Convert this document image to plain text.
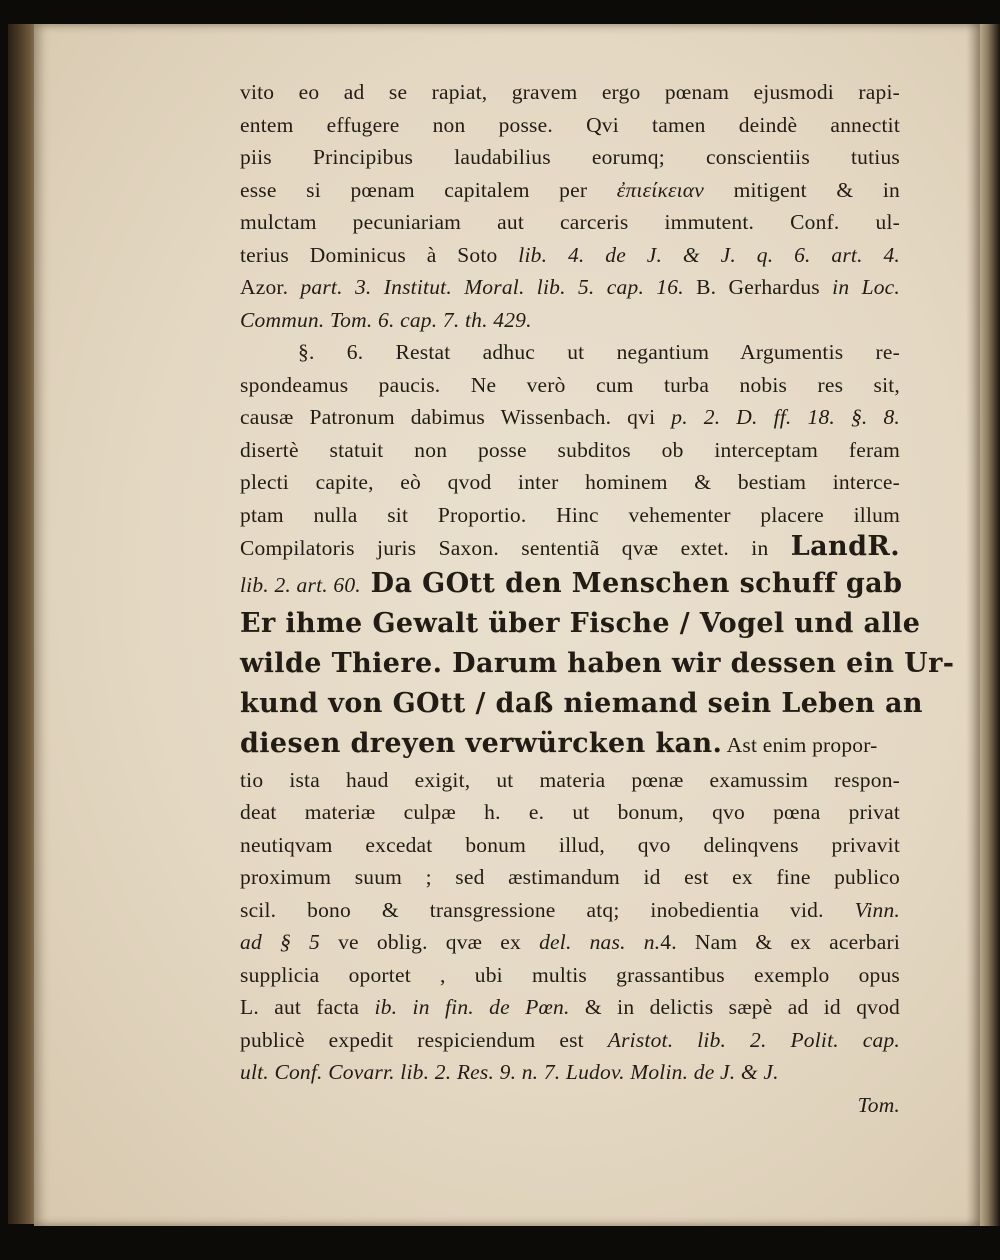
vito eo ad se rapiat, gravem ergo pœnam ejusmodi rapi-
entem effugere non posse. Qvi tamen deindè annectit
piis Principibus laudabilius eorumq; conscientiis tutius
esse si pœnam capitalem per ἐπιείκειαν mitigent & in
mulctam pecuniariam aut carceris immutent. Conf. ul-
terius Dominicus à Soto lib. 4. de J. & J. q. 6. art. 4.
Azor. part. 3. Institut. Moral. lib. 5. cap. 16. B. Gerhardus in Loc.
Commun. Tom. 6. cap. 7. th. 429.
§. 6. Restat adhuc ut negantium Argumentis re-
spondeamus paucis. Ne verò cum turba nobis res sit,
causæ Patronum dabimus Wissenbach. qvi p. 2. D. ff. 18. §. 8.
disertè statuit non posse subditos ob interceptam feram
plecti capite, eò qvod inter hominem & bestiam interce-
ptam nulla sit Proportio. Hinc vehementer placere illum
Compilatoris juris Saxon. sententiã qvæ extet. in LandR.
lib. 2. art. 60. Da GOtt den Menschen schuff gab
Er ihme Gewalt über Fische / Vogel und alle
wilde Thiere. Darum haben wir dessen ein Ur-
kund von GOtt / daß niemand sein Leben an
diesen dreyen verwürcken kan. Ast enim propor-
tio ista haud exigit, ut materia pœnæ examussim respon-
deat materiæ culpæ h. e. ut bonum, qvo pœna privat
neutiqvam excedat bonum illud, qvo delinqvens privavit
proximum suum ; sed æstimandum id est ex fine publico
scil. bono & transgressione atq; inobedientia vid. Vinn.
ad § 5 ve oblig. qvæ ex del. nas. n.4. Nam & ex acerbari
supplicia oportet , ubi multis grassantibus exemplo opus
L. aut facta ib. in fin. de Pœn. & in delictis sæpè ad id qvod
publicè expedit respiciendum est Aristot. lib. 2. Polit. cap.
ult. Conf. Covarr. lib. 2. Res. 9. n. 7. Ludov. Molin. de J. & J.
Tom.
